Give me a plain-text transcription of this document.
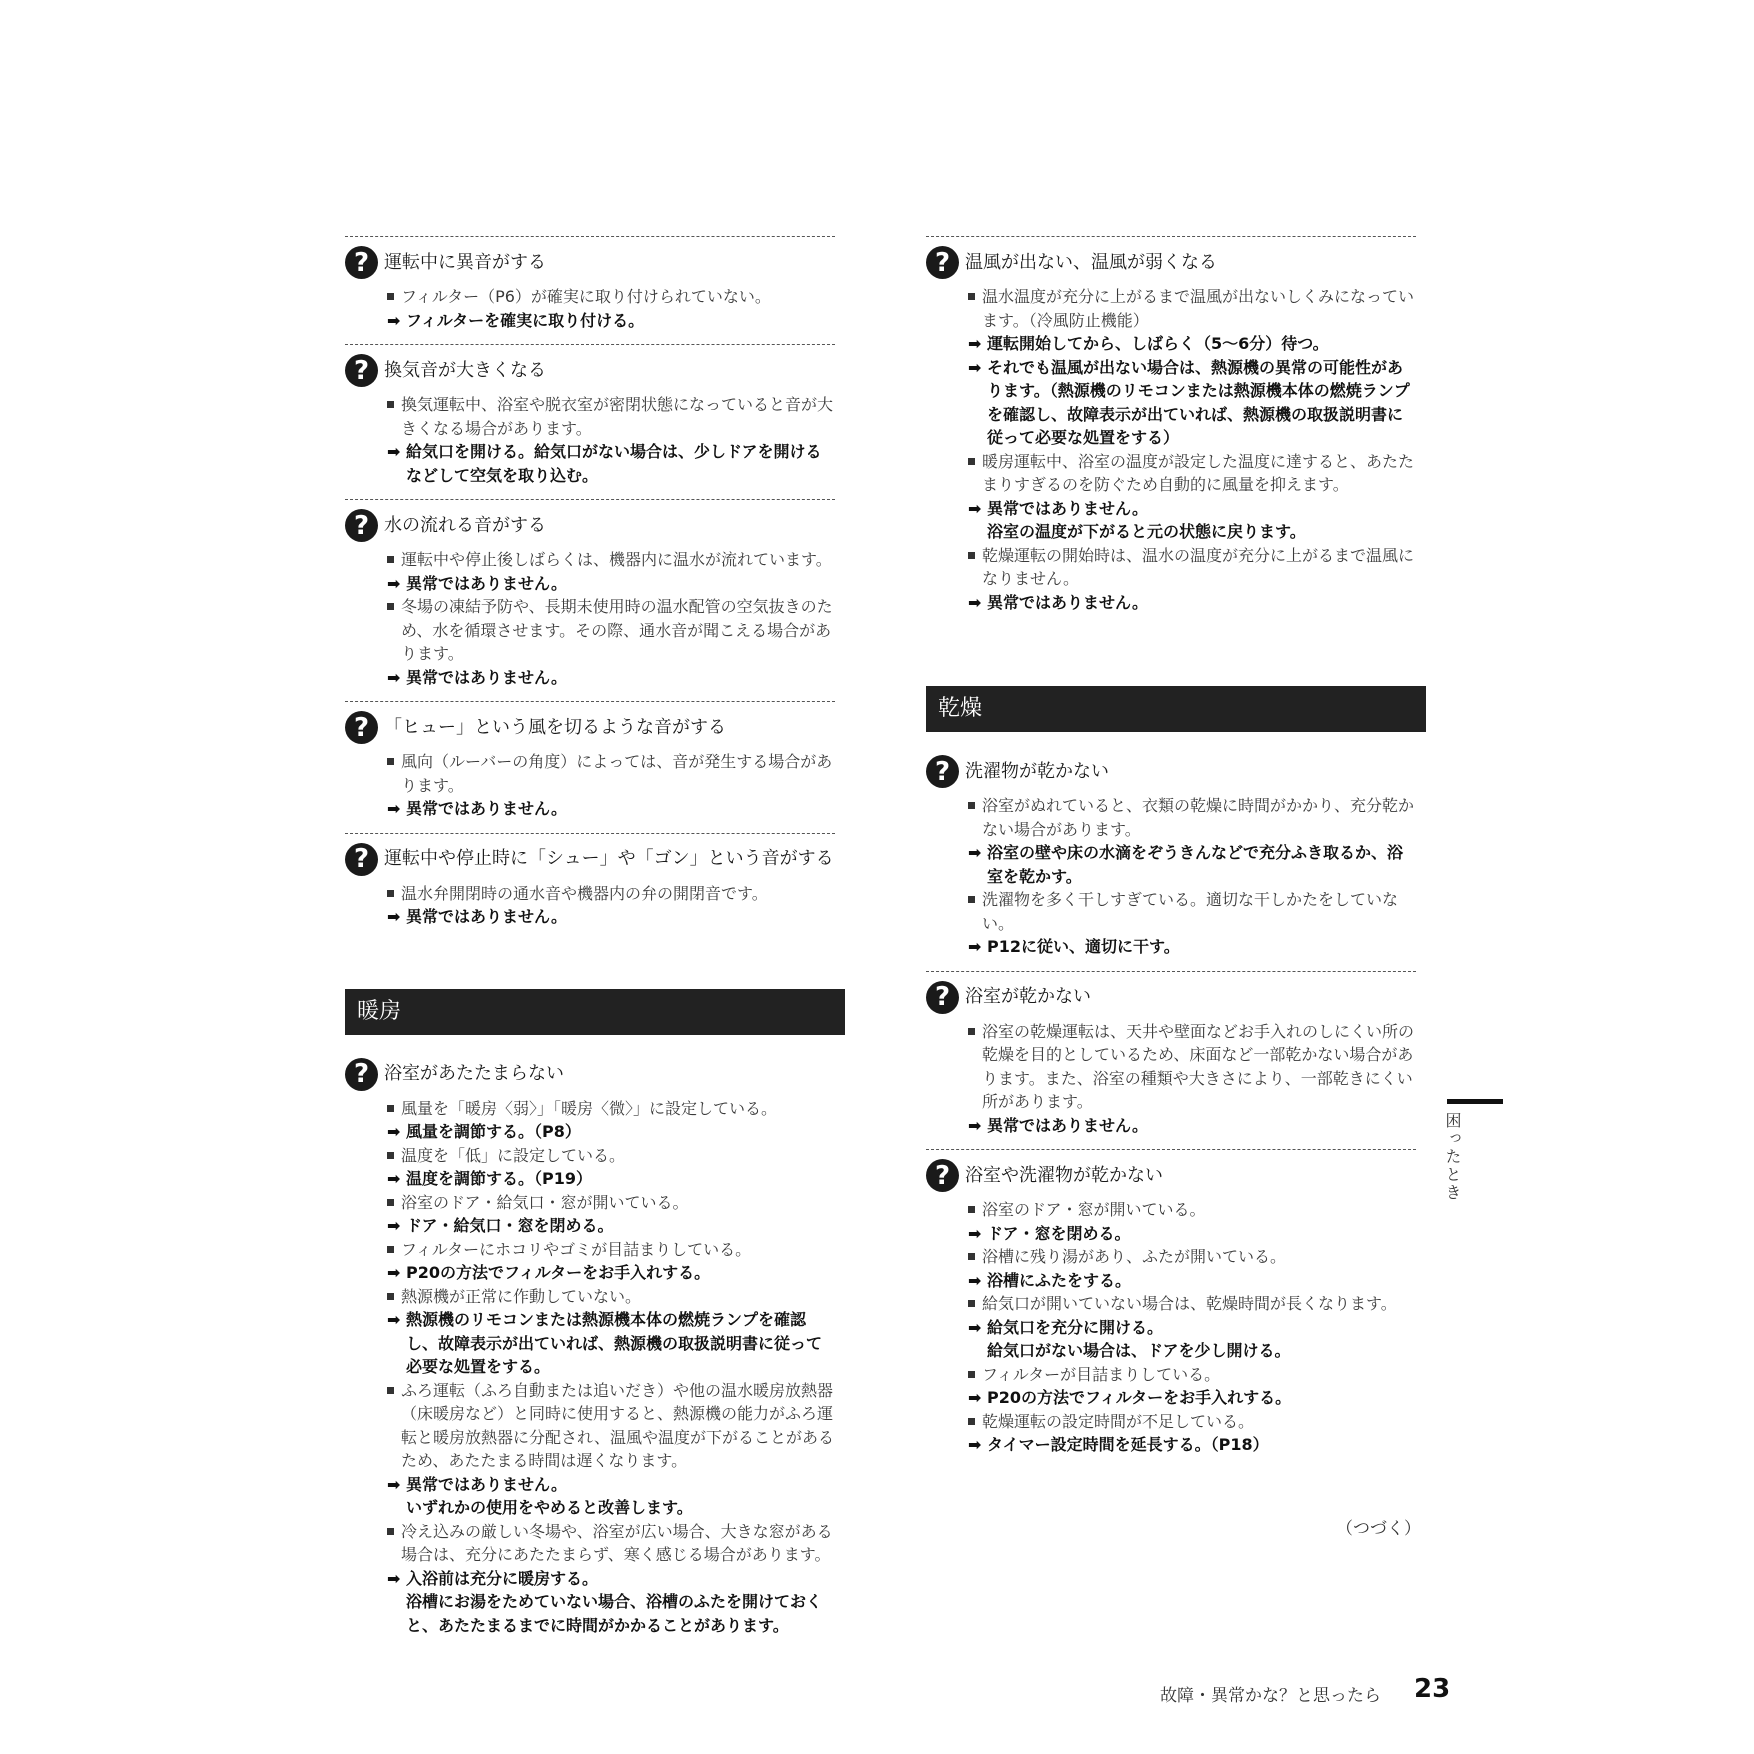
? 運転中に異音がする
フィルター（P6）が確実に取り付けられていない。
➡ フィルターを確実に取り付ける。
? 換気音が大きくなる
換気運転中、浴室や脱衣室が密閉状態になっていると音が大きくなる場合があります。
➡ 給気口を開ける。給気口がない場合は、少しドアを開けるなどして空気を取り込む。
? 水の流れる音がする
運転中や停止後しばらくは、機器内に温水が流れています。
➡ 異常ではありません。
冬場の凍結予防や、長期未使用時の温水配管の空気抜きのため、水を循環させます。その際、通水音が聞こえる場合があります。
➡ 異常ではありません。
? 「ヒュー」という風を切るような音がする
風向（ルーバーの角度）によっては、音が発生する場合があります。
➡ 異常ではありません。
? 運転中や停止時に「シュー」や「ゴン」という音がする
温水弁開閉時の通水音や機器内の弁の開閉音です。
➡ 異常ではありません。
暖房
? 浴室があたたまらない
風量を「暖房〈弱〉」「暖房〈微〉」に設定している。
➡ 風量を調節する。（P8）
温度を「低」に設定している。
➡ 温度を調節する。（P19）
浴室のドア・給気口・窓が開いている。
➡ ドア・給気口・窓を閉める。
フィルターにホコリやゴミが目詰まりしている。
➡ P20の方法でフィルターをお手入れする。
熱源機が正常に作動していない。
➡ 熱源機のリモコンまたは熱源機本体の燃焼ランプを確認し、故障表示が出ていれば、熱源機の取扱説明書に従って必要な処置をする。
ふろ運転（ふろ自動または追いだき）や他の温水暖房放熱器（床暖房など）と同時に使用すると、熱源機の能力がふろ運転と暖房放熱器に分配され、温風や温度が下がることがあるため、あたたまる時間は遅くなります。
➡ 異常ではありません。
いずれかの使用をやめると改善します。
冷え込みの厳しい冬場や、浴室が広い場合、大きな窓がある場合は、充分にあたたまらず、寒く感じる場合があります。
➡ 入浴前は充分に暖房する。
浴槽にお湯をためていない場合、浴槽のふたを開けておくと、あたたまるまでに時間がかかることがあります。
? 温風が出ない、温風が弱くなる
温水温度が充分に上がるまで温風が出ないしくみになっています。（冷風防止機能）
➡ 運転開始してから、しばらく（5〜6分）待つ。
➡ それでも温風が出ない場合は、熱源機の異常の可能性があります。（熱源機のリモコンまたは熱源機本体の燃焼ランプを確認し、故障表示が出ていれば、熱源機の取扱説明書に従って必要な処置をする）
暖房運転中、浴室の温度が設定した温度に達すると、あたたまりすぎるのを防ぐため自動的に風量を抑えます。
➡ 異常ではありません。
浴室の温度が下がると元の状態に戻ります。
乾燥運転の開始時は、温水の温度が充分に上がるまで温風になりません。
➡ 異常ではありません。
乾燥
? 洗濯物が乾かない
浴室がぬれていると、衣類の乾燥に時間がかかり、充分乾かない場合があります。
➡ 浴室の壁や床の水滴をぞうきんなどで充分ふき取るか、浴室を乾かす。
洗濯物を多く干しすぎている。適切な干しかたをしていない。
➡ P12に従い、適切に干す。
? 浴室が乾かない
浴室の乾燥運転は、天井や壁面などお手入れのしにくい所の乾燥を目的としているため、床面など一部乾かない場合があります。また、浴室の種類や大きさにより、一部乾きにくい所があります。
➡ 異常ではありません。
? 浴室や洗濯物が乾かない
浴室のドア・窓が開いている。
➡ ドア・窓を閉める。
浴槽に残り湯があり、ふたが開いている。
➡ 浴槽にふたをする。
給気口が開いていない場合は、乾燥時間が長くなります。
➡ 給気口を充分に開ける。
給気口がない場合は、ドアを少し開ける。
フィルターが目詰まりしている。
➡ P20の方法でフィルターをお手入れする。
乾燥運転の設定時間が不足している。
➡ タイマー設定時間を延長する。（P18）
（つづく）
困ったとき
故障・異常かな？と思ったら 23
